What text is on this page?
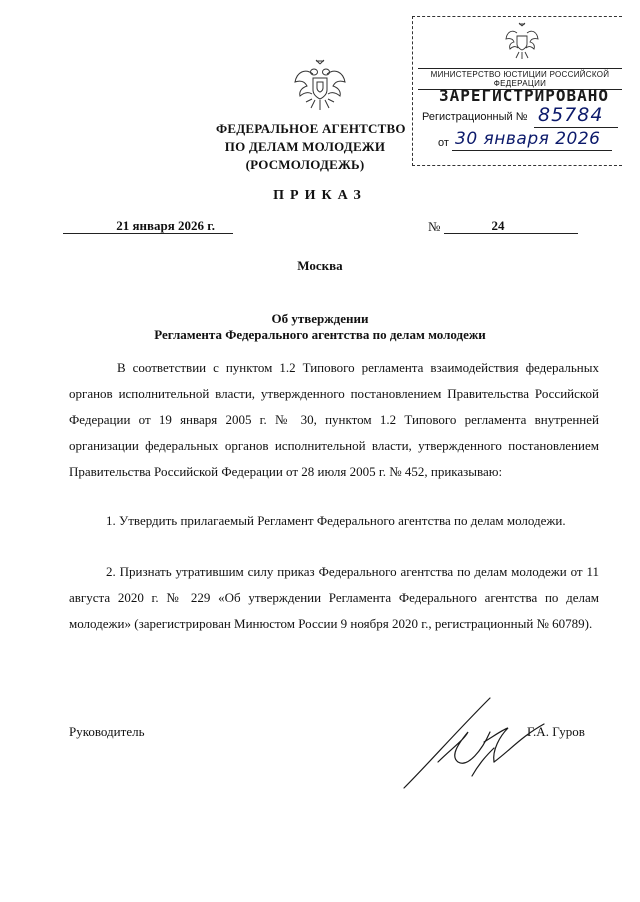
ФЕДЕРАЛЬНОЕ АГЕНТСТВО
ПО ДЕЛАМ МОЛОДЕЖИ
(РОСМОЛОДЕЖЬ)
ПРИКАЗ
21 января 2026 г.	№	24
Москва
Об утверждении
Регламента Федерального агентства по делам молодежи
В соответствии с пунктом 1.2 Типового регламента взаимодействия федеральных органов исполнительной власти, утвержденного постановлением Правительства Российской Федерации от 19 января 2005 г. № 30, пунктом 1.2 Типового регламента внутренней организации федеральных органов исполнительной власти, утвержденного постановлением Правительства Российской Федерации от 28 июля 2005 г. № 452, приказываю:
1. Утвердить прилагаемый Регламент Федерального агентства по делам молодежи.
2. Признать утратившим силу приказ Федерального агентства по делам молодежи от 11 августа 2020 г. № 229 «Об утверждении Регламента Федерального агентства по делам молодежи» (зарегистрирован Минюстом России 9 ноября 2020 г., регистрационный № 60789).
Руководитель	Г.А. Гуров
МИНИСТЕРСТВО ЮСТИЦИИ РОССИЙСКОЙ ФЕДЕРАЦИИ
ЗАРЕГИСТРИРОВАНО
Регистрационный № 85784
от 30 января 2026
